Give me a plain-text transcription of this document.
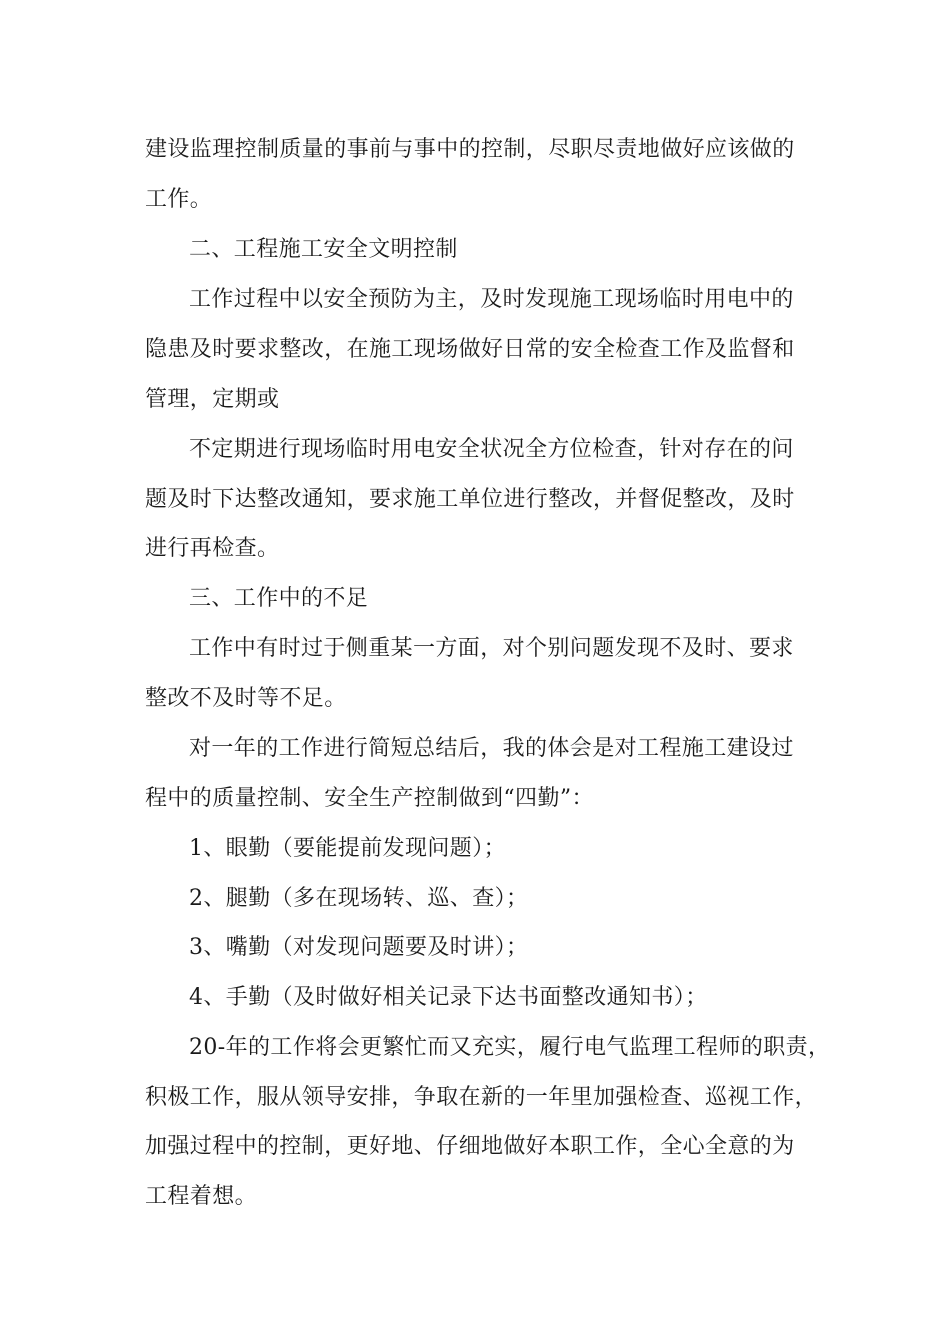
建设监理控制质量的事前与事中的控制，尽职尽责地做好应该做的
工作。
二、工程施工安全文明控制
工作过程中以安全预防为主，及时发现施工现场临时用电中的
隐患及时要求整改，在施工现场做好日常的安全检查工作及监督和
管理，定期或
不定期进行现场临时用电安全状况全方位检查，针对存在的问
题及时下达整改通知，要求施工单位进行整改，并督促整改，及时
进行再检查。
三、工作中的不足
工作中有时过于侧重某一方面，对个别问题发现不及时、要求
整改不及时等不足。
对一年的工作进行简短总结后，我的体会是对工程施工建设过
程中的质量控制、安全生产控制做到“四勤”：
1、眼勤（要能提前发现问题）；
2、腿勤（多在现场转、巡、查）；
3、嘴勤（对发现问题要及时讲）；
4、手勤（及时做好相关记录下达书面整改通知书）；
20-年的工作将会更繁忙而又充实，履行电气监理工程师的职责，
积极工作，服从领导安排，争取在新的一年里加强检查、巡视工作，
加强过程中的控制，更好地、仔细地做好本职工作，全心全意的为
工程着想。
